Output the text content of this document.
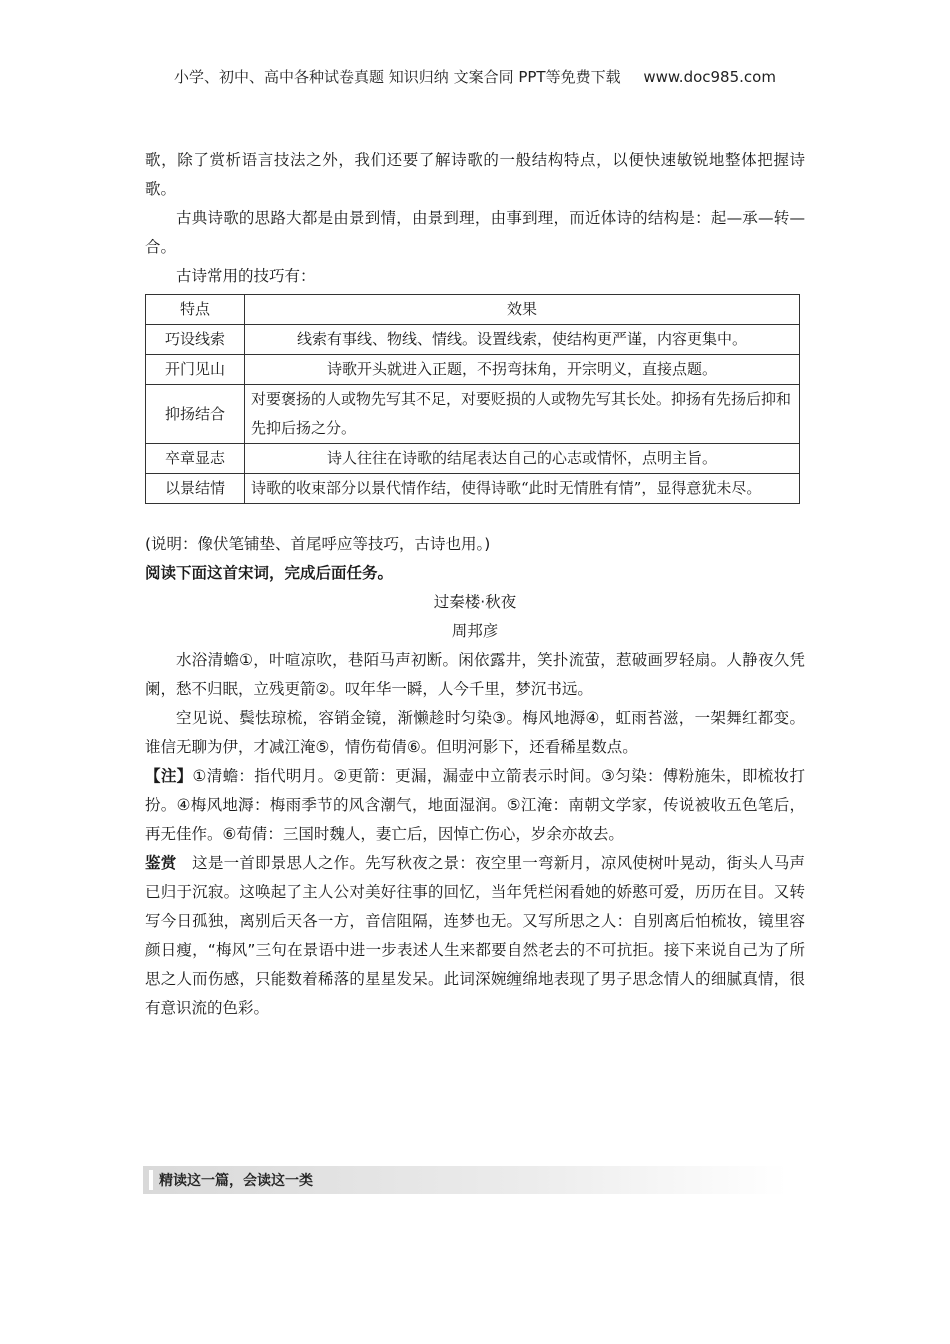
小学、初中、高中各种试卷真题 知识归纳 文案合同 PPT等免费下载 www.doc985.com

歌，除了赏析语言技法之外，我们还要了解诗歌的一般结构特点，以便快速敏锐地整体把握诗歌。

古典诗歌的思路大都是由景到情，由景到理，由事到理，而近体诗的结构是：起—承—转—合。

古诗常用的技巧有：

特点	效果
巧设线索	线索有事线、物线、情线。设置线索，使结构更严谨，内容更集中。
开门见山	诗歌开头就进入正题，不拐弯抹角，开宗明义，直接点题。
抑扬结合	对要褒扬的人或物先写其不足，对要贬损的人或物先写其长处。抑扬有先扬后抑和先抑后扬之分。
卒章显志	诗人往往在诗歌的结尾表达自己的心志或情怀，点明主旨。
以景结情	诗歌的收束部分以景代情作结，使得诗歌“此时无情胜有情”，显得意犹未尽。

(说明：像伏笔铺垫、首尾呼应等技巧，古诗也用。)

阅读下面这首宋词，完成后面任务。

过秦楼·秋夜

周邦彦

水浴清蟾①，叶喧凉吹，巷陌马声初断。闲依露井，笑扑流萤，惹破画罗轻扇。人静夜久凭阑，愁不归眠，立残更箭②。叹年华一瞬，人今千里，梦沉书远。

空见说、鬓怯琼梳，容销金镜，渐懒趁时匀染③。梅风地溽④，虹雨苔滋，一架舞红都变。谁信无聊为伊，才减江淹⑤，情伤荀倩⑥。但明河影下，还看稀星数点。

【注】①清蟾：指代明月。②更箭：更漏，漏壶中立箭表示时间。③匀染：傅粉施朱，即梳妆打扮。④梅风地溽：梅雨季节的风含潮气，地面湿润。⑤江淹：南朝文学家，传说被收五色笔后，再无佳作。⑥荀倩：三国时魏人，妻亡后，因悼亡伤心，岁余亦故去。

鉴赏  这是一首即景思人之作。先写秋夜之景：夜空里一弯新月，凉风使树叶晃动，街头人马声已归于沉寂。这唤起了主人公对美好往事的回忆，当年凭栏闲看她的娇憨可爱，历历在目。又转写今日孤独，离别后天各一方，音信阻隔，连梦也无。又写所思之人：自别离后怕梳妆，镜里容颜日瘦，“梅风”三句在景语中进一步表述人生来都要自然老去的不可抗拒。接下来说自己为了所思之人而伤感，只能数着稀落的星星发呆。此词深婉缠绵地表现了男子思念情人的细腻真情，很有意识流的色彩。

精读这一篇，会读这一类
